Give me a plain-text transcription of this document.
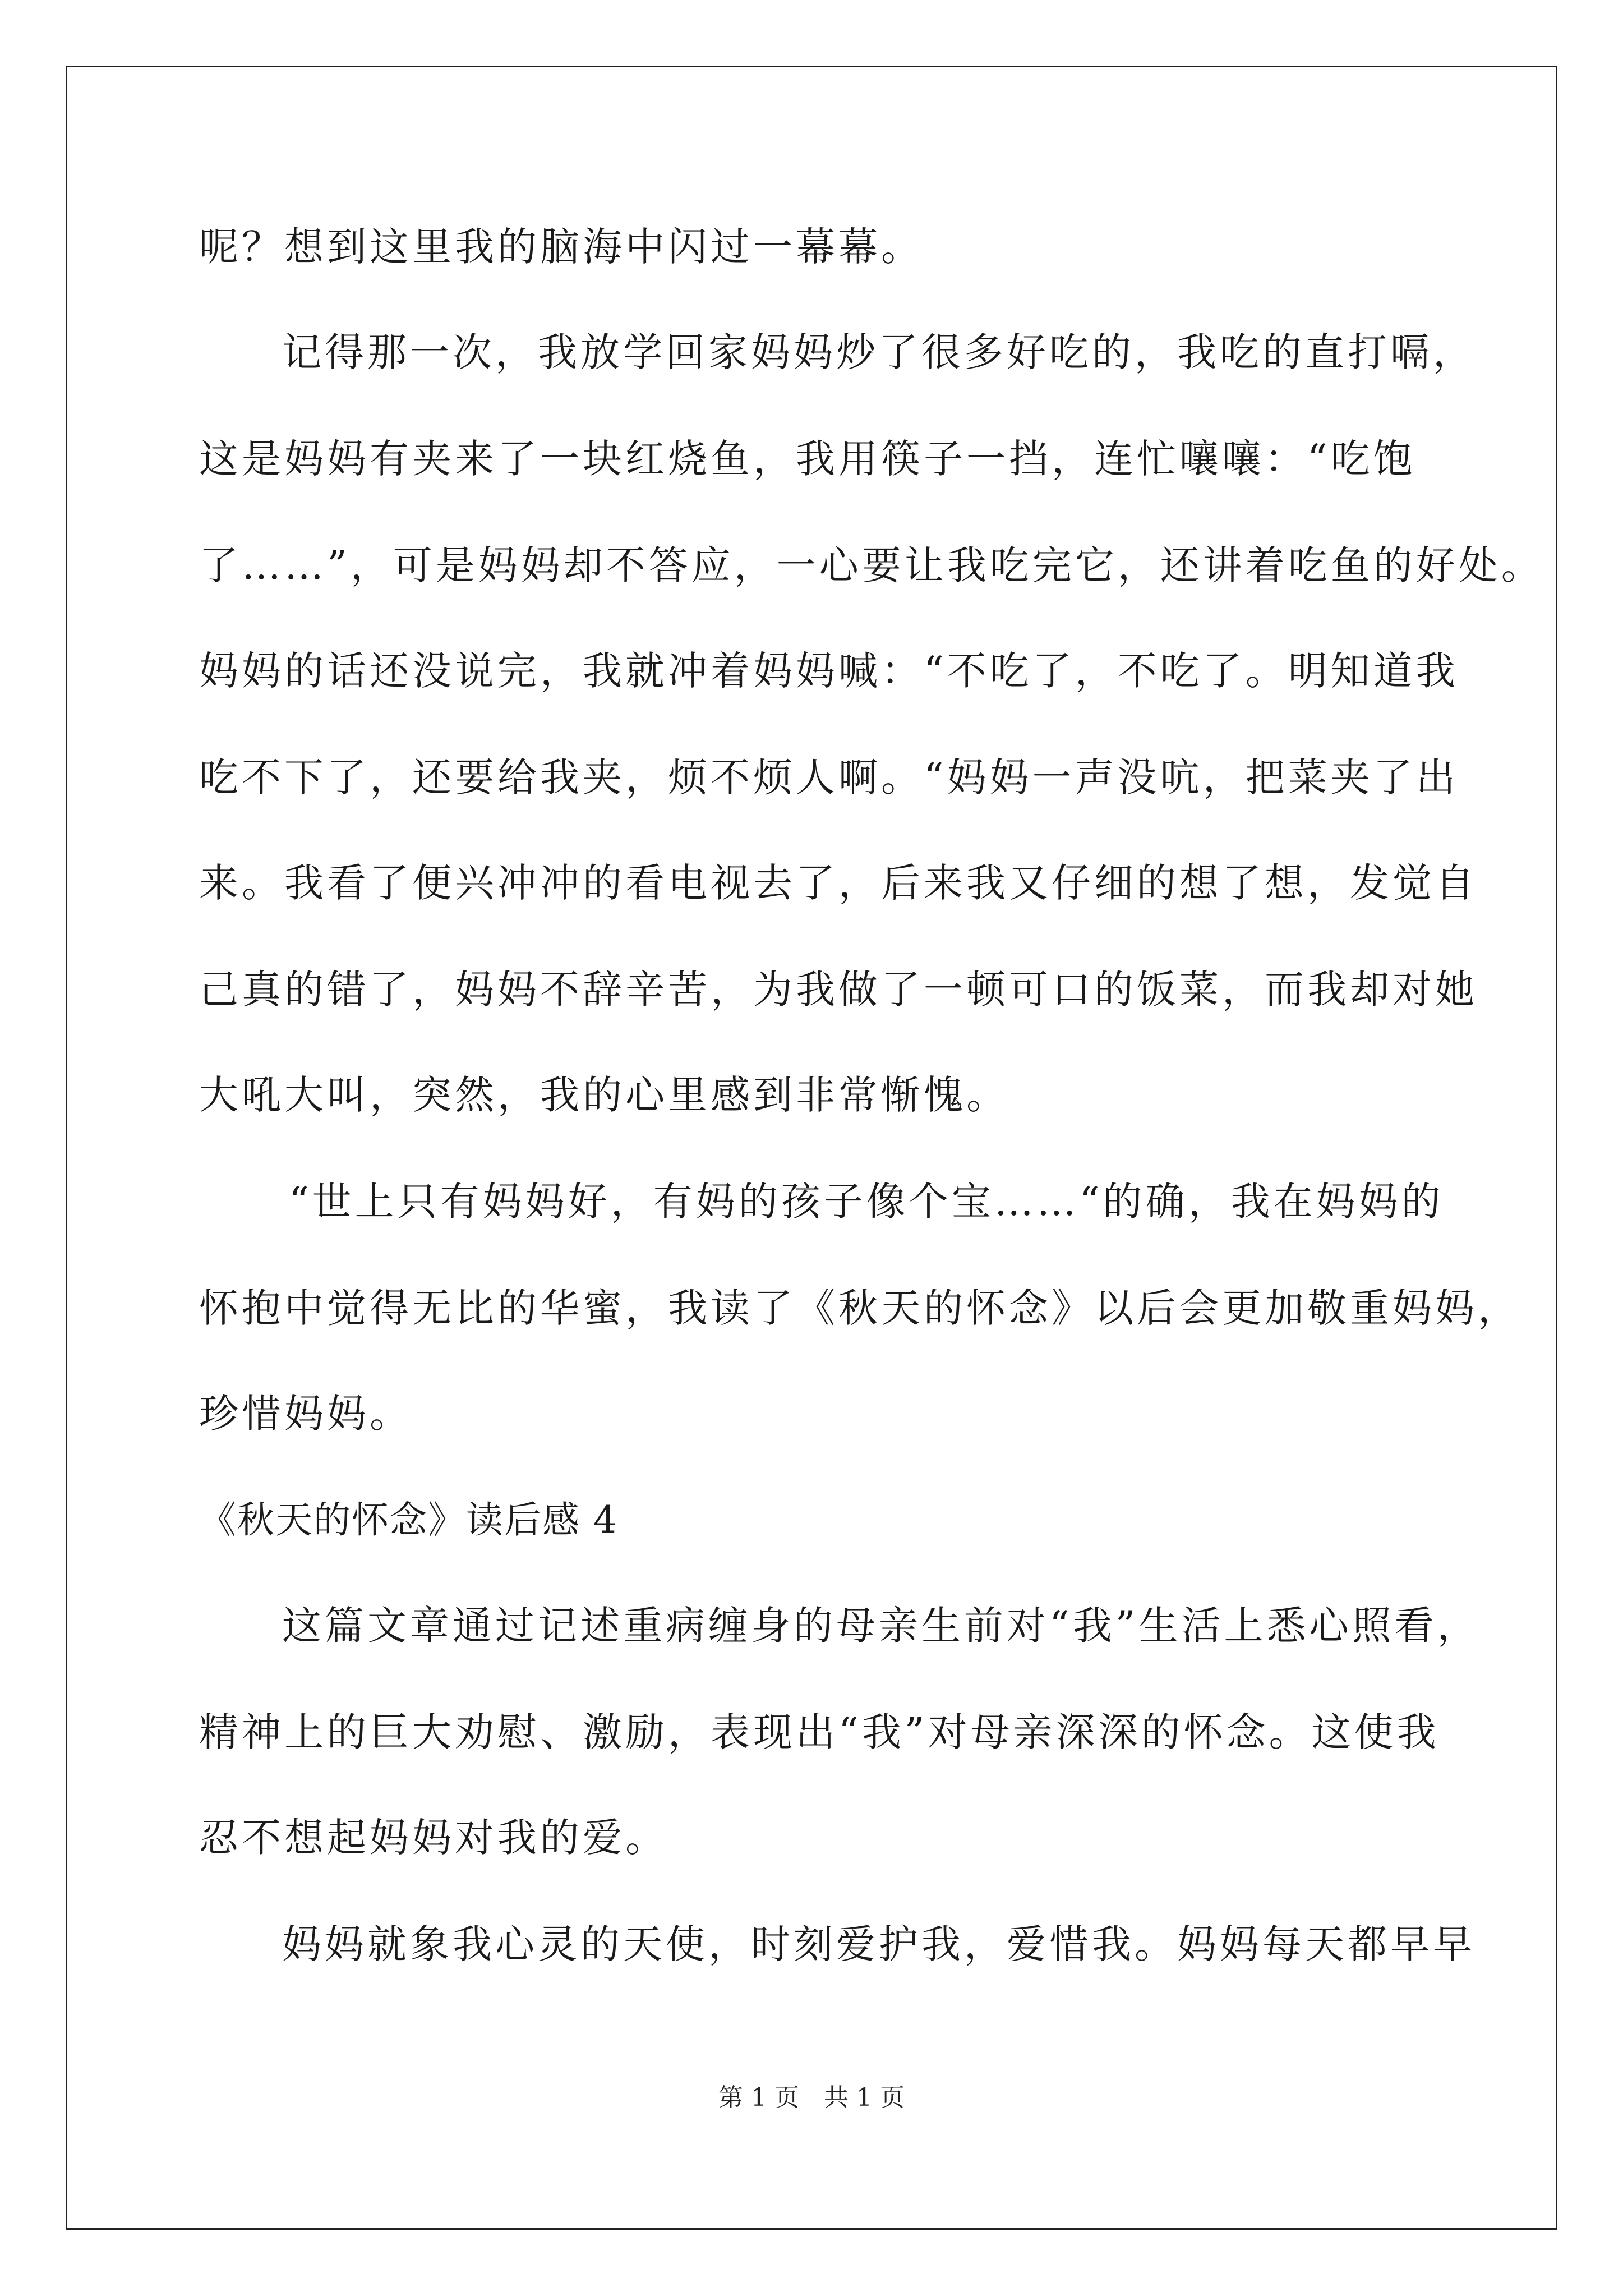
呢？想到这里我的脑海中闪过一幕幕。
记得那一次，我放学回家妈妈炒了很多好吃的，我吃的直打嗝，
这是妈妈有夹来了一块红烧鱼，我用筷子一挡，连忙嚷嚷：“吃饱
了……”，可是妈妈却不答应，一心要让我吃完它，还讲着吃鱼的好处。
妈妈的话还没说完，我就冲着妈妈喊：“不吃了，不吃了。明知道我
吃不下了，还要给我夹，烦不烦人啊。“妈妈一声没吭，把菜夹了出
来。我看了便兴冲冲的看电视去了，后来我又仔细的想了想，发觉自
己真的错了，妈妈不辞辛苦，为我做了一顿可口的饭菜，而我却对她
大吼大叫，突然，我的心里感到非常惭愧。
“世上只有妈妈好，有妈的孩子像个宝……“的确，我在妈妈的
怀抱中觉得无比的华蜜，我读了《秋天的怀念》以后会更加敬重妈妈，
珍惜妈妈。
《秋天的怀念》读后感 4
这篇文章通过记述重病缠身的母亲生前对“我”生活上悉心照看，
精神上的巨大劝慰、激励，表现出“我”对母亲深深的怀念。这使我
忍不想起妈妈对我的爱。
妈妈就象我心灵的天使，时刻爱护我，爱惜我。妈妈每天都早早
第 1 页　共 1 页
